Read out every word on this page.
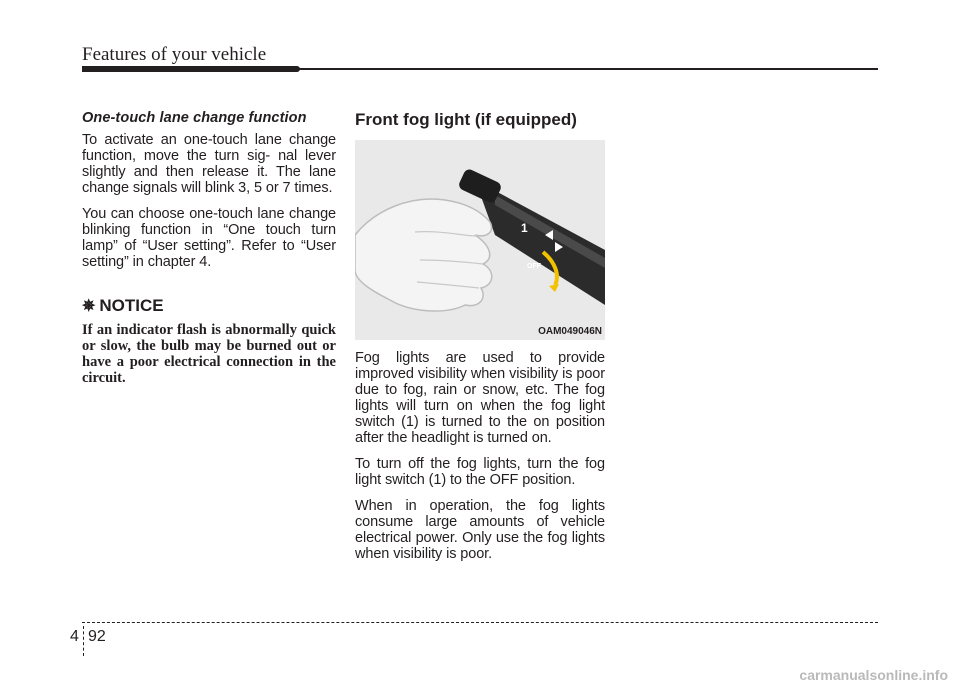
Features of your vehicle
One-touch lane change function

To activate an one-touch lane change function, move the turn sig- nal lever slightly and then release it. The lane change signals will blink 3, 5 or 7 times.

You can choose one-touch lane change blinking function in “One touch turn lamp” of “User setting”. Refer to “User setting” in chapter 4.

✵ NOTICE

If an indicator flash is abnormally quick or slow, the bulb may be burned out or have a poor electrical connection in the circuit.

Front fog light (if equipped)
1
OFF
OAM049046N

Fog lights are used to provide improved visibility when visibility is poor due to fog, rain or snow, etc. The fog lights will turn on when the fog light switch (1) is turned to the on position after the headlight is turned on.

To turn off the fog lights, turn the fog light switch (1) to the OFF position.

When in operation, the fog lights consume large amounts of vehicle electrical power. Only use the fog lights when visibility is poor.

4 92
carmanualsonline.info
